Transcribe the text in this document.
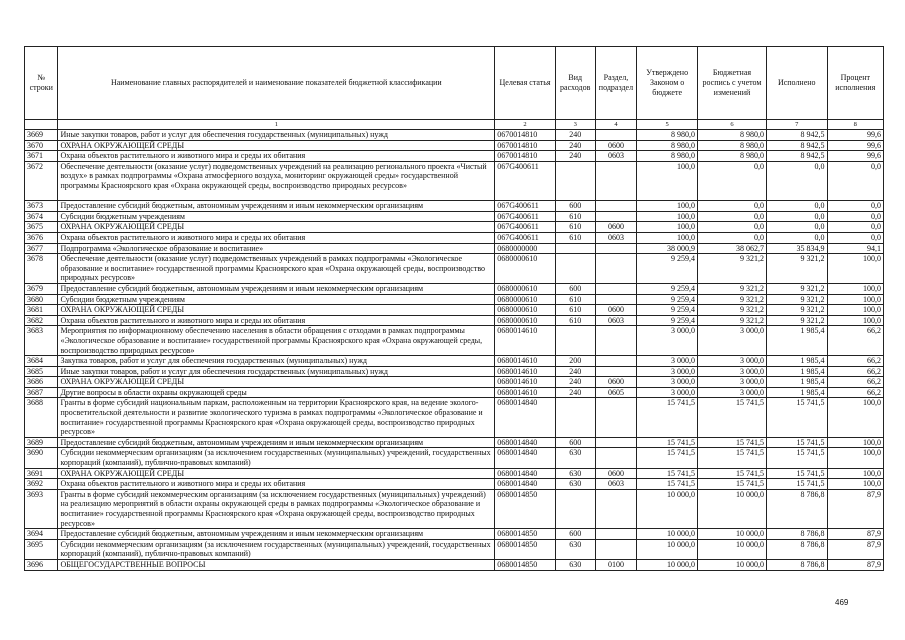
№ строки	Наименование главных распорядителей и наименование показателей бюджетной классификации	Целевая статья	Вид расходов	Раздел, подраздел	Утверждено Законом о бюджете	Бюджетная роспись с учетом изменений	Исполнено	Процент исполнения
	1	2	3	4	5	6	7	8
3669	Иные закупки товаров, работ и услуг для обеспечения государственных (муниципальных) нужд	0670014810	240		8 980,0	8 980,0	8 942,5	99,6
3670	ОХРАНА ОКРУЖАЮЩЕЙ СРЕДЫ	0670014810	240	0600	8 980,0	8 980,0	8 942,5	99,6
3671	Охрана объектов растительного и животного мира и среды их обитания	0670014810	240	0603	8 980,0	8 980,0	8 942,5	99,6
3672	Обеспечение деятельности (оказание услуг) подведомственных учреждений на реализацию регионального проекта «Чистый воздух» в рамках подпрограммы «Охрана атмосферного воздуха, мониторинг окружающей среды» государственной программы Красноярского края «Охрана окружающей среды, воспроизводство природных ресурсов»	067G400611			100,0	0,0	0,0	0,0
3673	Предоставление субсидий бюджетным, автономным учреждениям и иным некоммерческим организациям	067G400611	600		100,0	0,0	0,0	0,0
3674	Субсидии бюджетным учреждениям	067G400611	610		100,0	0,0	0,0	0,0
3675	ОХРАНА ОКРУЖАЮЩЕЙ СРЕДЫ	067G400611	610	0600	100,0	0,0	0,0	0,0
3676	Охрана объектов растительного и животного мира и среды их обитания	067G400611	610	0603	100,0	0,0	0,0	0,0
3677	Подпрограмма «Экологическое образование и воспитание»	0680000000			38 000,9	38 062,7	35 834,9	94,1
3678	Обеспечение деятельности (оказание услуг) подведомственных учреждений в рамках подпрограммы «Экологическое образование и воспитание» государственной программы Красноярского края «Охрана окружающей среды, воспроизводство природных ресурсов»	0680000610			9 259,4	9 321,2	9 321,2	100,0
3679	Предоставление субсидий бюджетным, автономным учреждениям и иным некоммерческим организациям	0680000610	600		9 259,4	9 321,2	9 321,2	100,0
3680	Субсидии бюджетным учреждениям	0680000610	610		9 259,4	9 321,2	9 321,2	100,0
3681	ОХРАНА ОКРУЖАЮЩЕЙ СРЕДЫ	0680000610	610	0600	9 259,4	9 321,2	9 321,2	100,0
3682	Охрана объектов растительного и животного мира и среды их обитания	0680000610	610	0603	9 259,4	9 321,2	9 321,2	100,0
3683	Мероприятия по информационному обеспечению населения в области обращения с отходами в рамках подпрограммы «Экологическое образование и воспитание» государственной программы Красноярского края «Охрана окружающей среды, воспроизводство природных ресурсов»	0680014610			3 000,0	3 000,0	1 985,4	66,2
3684	Закупка товаров, работ и услуг для обеспечения государственных (муниципальных) нужд	0680014610	200		3 000,0	3 000,0	1 985,4	66,2
3685	Иные закупки товаров, работ и услуг для обеспечения государственных (муниципальных) нужд	0680014610	240		3 000,0	3 000,0	1 985,4	66,2
3686	ОХРАНА ОКРУЖАЮЩЕЙ СРЕДЫ	0680014610	240	0600	3 000,0	3 000,0	1 985,4	66,2
3687	Другие вопросы в области охраны окружающей среды	0680014610	240	0605	3 000,0	3 000,0	1 985,4	66,2
3688	Гранты в форме субсидий национальным паркам, расположенным на территории Красноярского края, на ведение эколого-просветительской деятельности и развитие экологического туризма в рамках подпрограммы «Экологическое образование и воспитание» государственной программы Красноярского края «Охрана окружающей среды, воспроизводство природных ресурсов»	0680014840			15 741,5	15 741,5	15 741,5	100,0
3689	Предоставление субсидий бюджетным, автономным учреждениям и иным некоммерческим организациям	0680014840	600		15 741,5	15 741,5	15 741,5	100,0
3690	Субсидии некоммерческим организациям (за исключением государственных (муниципальных) учреждений, государственных корпораций (компаний), публично-правовых компаний)	0680014840	630		15 741,5	15 741,5	15 741,5	100,0
3691	ОХРАНА ОКРУЖАЮЩЕЙ СРЕДЫ	0680014840	630	0600	15 741,5	15 741,5	15 741,5	100,0
3692	Охрана объектов растительного и животного мира и среды их обитания	0680014840	630	0603	15 741,5	15 741,5	15 741,5	100,0
3693	Гранты в форме субсидий некоммерческим организациям (за исключением государственных (муниципальных) учреждений) на реализацию мероприятий в области охраны окружающей среды в рамках подпрограммы «Экологическое образование и воспитание» государственной программы Красноярского края «Охрана окружающей среды, воспроизводство природных ресурсов»	0680014850			10 000,0	10 000,0	8 786,8	87,9
3694	Предоставление субсидий бюджетным, автономным учреждениям и иным некоммерческим организациям	0680014850	600		10 000,0	10 000,0	8 786,8	87,9
3695	Субсидии некоммерческим организациям (за исключением государственных (муниципальных) учреждений, государственных корпораций (компаний), публично-правовых компаний)	0680014850	630		10 000,0	10 000,0	8 786,8	87,9
3696	ОБЩЕГОСУДАРСТВЕННЫЕ ВОПРОСЫ	0680014850	630	0100	10 000,0	10 000,0	8 786,8	87,9
469
